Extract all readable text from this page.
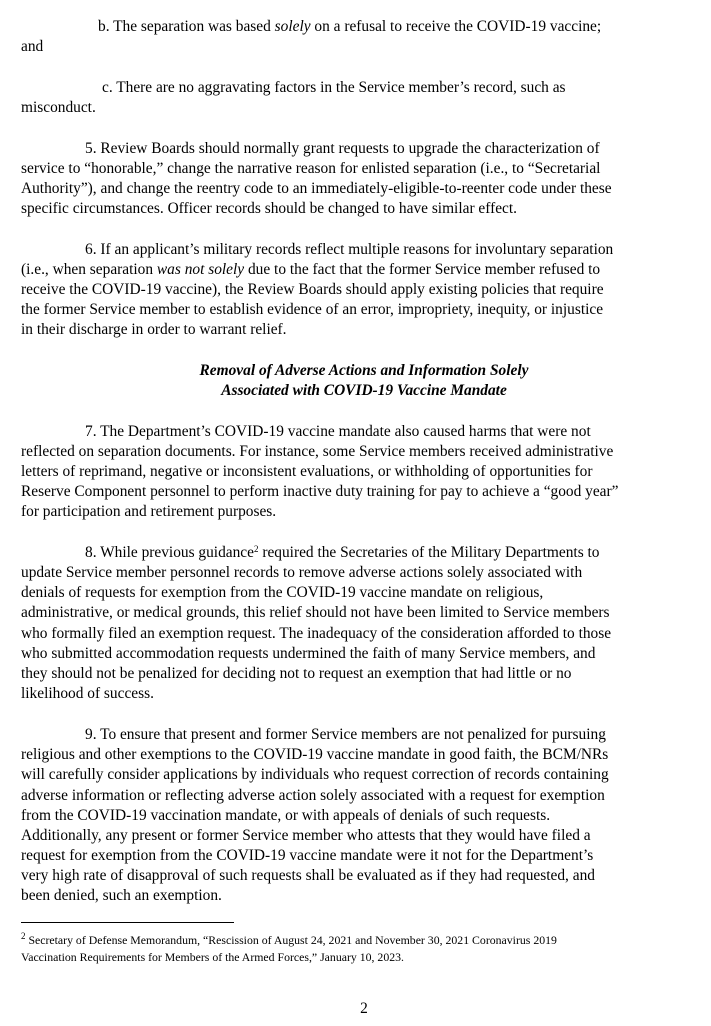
b. The separation was based solely on a refusal to receive the COVID-19 vaccine;
and
c. There are no aggravating factors in the Service member’s record, such as
misconduct.
5. Review Boards should normally grant requests to upgrade the characterization of
service to “honorable,” change the narrative reason for enlisted separation (i.e., to “Secretarial
Authority”), and change the reentry code to an immediately-eligible-to-reenter code under these
specific circumstances. Officer records should be changed to have similar effect.
6. If an applicant’s military records reflect multiple reasons for involuntary separation
(i.e., when separation was not solely due to the fact that the former Service member refused to
receive the COVID-19 vaccine), the Review Boards should apply existing policies that require
the former Service member to establish evidence of an error, impropriety, inequity, or injustice
in their discharge in order to warrant relief.
Removal of Adverse Actions and Information Solely
Associated with COVID-19 Vaccine Mandate
7. The Department’s COVID-19 vaccine mandate also caused harms that were not
reflected on separation documents. For instance, some Service members received administrative
letters of reprimand, negative or inconsistent evaluations, or withholding of opportunities for
Reserve Component personnel to perform inactive duty training for pay to achieve a “good year”
for participation and retirement purposes.
8. While previous guidance$^2$ required the Secretaries of the Military Departments to
update Service member personnel records to remove adverse actions solely associated with
denials of requests for exemption from the COVID-19 vaccine mandate on religious,
administrative, or medical grounds, this relief should not have been limited to Service members
who formally filed an exemption request. The inadequacy of the consideration afforded to those
who submitted accommodation requests undermined the faith of many Service members, and
they should not be penalized for deciding not to request an exemption that had little or no
likelihood of success.
9. To ensure that present and former Service members are not penalized for pursuing
religious and other exemptions to the COVID-19 vaccine mandate in good faith, the BCM/NRs
will carefully consider applications by individuals who request correction of records containing
adverse information or reflecting adverse action solely associated with a request for exemption
from the COVID-19 vaccination mandate, or with appeals of denials of such requests.
Additionally, any present or former Service member who attests that they would have filed a
request for exemption from the COVID-19 vaccine mandate were it not for the Department’s
very high rate of disapproval of such requests shall be evaluated as if they had requested, and
been denied, such an exemption.
$^2$ Secretary of Defense Memorandum, “Rescission of August 24, 2021 and November 30, 2021 Coronavirus 2019
Vaccination Requirements for Members of the Armed Forces,” January 10, 2023.
2
